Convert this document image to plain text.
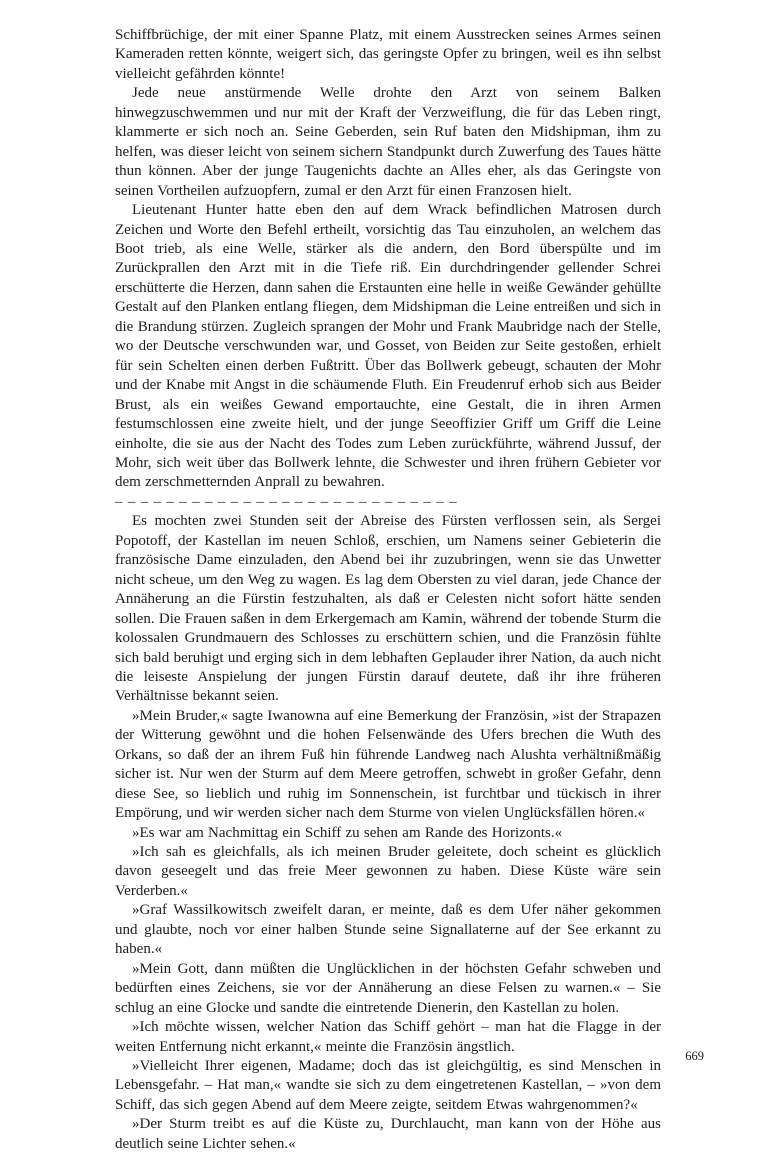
Schiffbrüchige, der mit einer Spanne Platz, mit einem Ausstrecken seines Armes seinen Kameraden retten könnte, weigert sich, das geringste Opfer zu bringen, weil es ihn selbst vielleicht gefährden könnte!

Jede neue anstürmende Welle drohte den Arzt von seinem Balken hinwegzuschwemmen und nur mit der Kraft der Verzweiflung, die für das Leben ringt, klammerte er sich noch an. Seine Geberden, sein Ruf baten den Midshipman, ihm zu helfen, was dieser leicht von seinem sichern Standpunkt durch Zuwerfung des Taues hätte thun können. Aber der junge Taugenichts dachte an Alles eher, als das Geringste von seinen Vortheilen aufzuopfern, zumal er den Arzt für einen Franzosen hielt.

Lieutenant Hunter hatte eben den auf dem Wrack befindlichen Matrosen durch Zeichen und Worte den Befehl ertheilt, vorsichtig das Tau einzuholen, an welchem das Boot trieb, als eine Welle, stärker als die andern, den Bord überspülte und im Zurückprallen den Arzt mit in die Tiefe riß. Ein durchdringender gellender Schrei erschütterte die Herzen, dann sahen die Erstaunten eine helle in weiße Gewänder gehüllte Gestalt auf den Planken entlang fliegen, dem Midshipman die Leine entreißen und sich in die Brandung stürzen. Zugleich sprangen der Mohr und Frank Maubridge nach der Stelle, wo der Deutsche verschwunden war, und Gosset, von Beiden zur Seite gestoßen, erhielt für sein Schelten einen derben Fußtritt. Über das Bollwerk gebeugt, schauten der Mohr und der Knabe mit Angst in die schäumende Fluth. Ein Freudenruf erhob sich aus Beider Brust, als ein weißes Gewand emportauchte, eine Gestalt, die in ihren Armen festumschlossen eine zweite hielt, und der junge Seeoffizier Griff um Griff die Leine einholte, die sie aus der Nacht des Todes zum Leben zurückführte, während Jussuf, der Mohr, sich weit über das Bollwerk lehnte, die Schwester und ihren frühern Gebieter vor dem zerschmetternden Anprall zu bewahren.

– – – – – – – – – – – – – – – – – – – – – – – – – – –

Es mochten zwei Stunden seit der Abreise des Fürsten verflossen sein, als Sergei Popotoff, der Kastellan im neuen Schloß, erschien, um Namens seiner Gebieterin die französische Dame einzuladen, den Abend bei ihr zuzubringen, wenn sie das Unwetter nicht scheue, um den Weg zu wagen. Es lag dem Obersten zu viel daran, jede Chance der Annäherung an die Fürstin festzuhalten, als daß er Celesten nicht sofort hätte senden sollen. Die Frauen saßen in dem Erkergemach am Kamin, während der tobende Sturm die kolossalen Grundmauern des Schlosses zu erschüttern schien, und die Französin fühlte sich bald beruhigt und erging sich in dem lebhaften Geplauder ihrer Nation, da auch nicht die leiseste Anspielung der jungen Fürstin darauf deutete, daß ihr ihre früheren Verhältnisse bekannt seien.

»Mein Bruder,« sagte Iwanowna auf eine Bemerkung der Französin, »ist der Strapazen der Witterung gewöhnt und die hohen Felsenwände des Ufers brechen die Wuth des Orkans, so daß der an ihrem Fuß hin führende Landweg nach Alushta verhältnißmäßig sicher ist. Nur wen der Sturm auf dem Meere getroffen, schwebt in großer Gefahr, denn diese See, so lieblich und ruhig im Sonnenschein, ist furchtbar und tückisch in ihrer Empörung, und wir werden sicher nach dem Sturme von vielen Unglücksfällen hören.«

»Es war am Nachmittag ein Schiff zu sehen am Rande des Horizonts.«

»Ich sah es gleichfalls, als ich meinen Bruder geleitete, doch scheint es glücklich davon geseegelt und das freie Meer gewonnen zu haben. Diese Küste wäre sein Verderben.«

»Graf Wassilkowitsch zweifelt daran, er meinte, daß es dem Ufer näher gekommen und glaubte, noch vor einer halben Stunde seine Signallaterne auf der See erkannt zu haben.«

»Mein Gott, dann müßten die Unglücklichen in der höchsten Gefahr schweben und bedürften eines Zeichens, sie vor der Annäherung an diese Felsen zu warnen.« – Sie schlug an eine Glocke und sandte die eintretende Dienerin, den Kastellan zu holen.

»Ich möchte wissen, welcher Nation das Schiff gehört – man hat die Flagge in der weiten Entfernung nicht erkannt,« meinte die Französin ängstlich.

»Vielleicht Ihrer eigenen, Madame; doch das ist gleichgültig, es sind Menschen in Lebensgefahr. – Hat man,« wandte sie sich zu dem eingetretenen Kastellan, – »von dem Schiff, das sich gegen Abend auf dem Meere zeigte, seitdem Etwas wahrgenommen?«

»Der Sturm treibt es auf die Küste zu, Durchlaucht, man kann von der Höhe aus deutlich seine Lichter sehen.«

669
